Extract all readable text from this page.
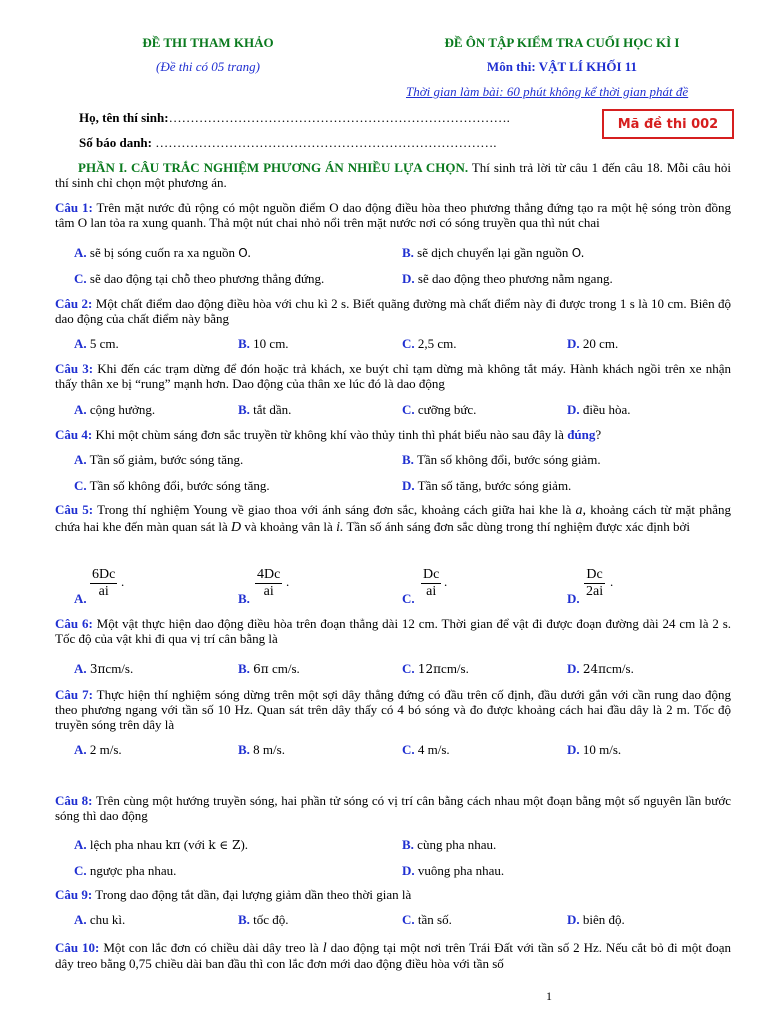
ĐỀ THI THAM KHẢO
(Đề thi có 05 trang)
ĐỀ ÔN TẬP KIỂM TRA CUỐI HỌC KÌ I
Môn thi: VẬT LÍ KHỐI 11
Thời gian làm bài: 60 phút không kể thời gian phát đề
Họ, tên thí sinh:…………………………………………………………………….
Số báo danh: …………………………………………………………………….
Mã đề thi 002
PHẦN I. CÂU TRẮC NGHIỆM PHƯƠNG ÁN NHIỀU LỰA CHỌN. Thí sinh trả lời từ câu 1 đến câu 18. Mỗi câu hỏi thí sinh chỉ chọn một phương án.
Câu 1: Trên mặt nước đủ rộng có một nguồn điểm O dao động điều hòa theo phương thẳng đứng tạo ra một hệ sóng tròn đồng tâm O lan tỏa ra xung quanh. Thả một nút chai nhỏ nổi trên mặt nước nơi có sóng truyền qua thì nút chai
A. sẽ bị sóng cuốn ra xa nguồn O.	B. sẽ dịch chuyển lại gần nguồn O.
C. sẽ dao động tại chỗ theo phương thẳng đứng.	D. sẽ dao động theo phương nằm ngang.
Câu 2: Một chất điểm dao động điều hòa với chu kì 2 s. Biết quãng đường mà chất điểm này đi được trong 1 s là 10 cm. Biên độ dao động của chất điểm này bằng
A. 5 cm.	B. 10 cm.	C. 2,5 cm.	D. 20 cm.
Câu 3: Khi đến các trạm dừng để đón hoặc trả khách, xe buýt chỉ tạm dừng mà không tắt máy. Hành khách ngồi trên xe nhận thấy thân xe bị “rung” mạnh hơn. Dao động của thân xe lúc đó là dao động
A. cộng hưởng.	B. tắt dần.	C. cưỡng bức.	D. điều hòa.
Câu 4: Khi một chùm sáng đơn sắc truyền từ không khí vào thủy tinh thì phát biểu nào sau đây là đúng?
A. Tần số giảm, bước sóng tăng.	B. Tần số không đổi, bước sóng giảm.
C. Tần số không đổi, bước sóng tăng.	D. Tần số tăng, bước sóng giảm.
Câu 5: Trong thí nghiệm Young về giao thoa với ánh sáng đơn sắc, khoảng cách giữa hai khe là a, khoảng cách từ mặt phẳng chứa hai khe đến màn quan sát là D và khoảng vân là i. Tần số ánh sáng đơn sắc dùng trong thí nghiệm được xác định bởi
A. $\frac{6Dc}{ai}$ .
B. $\frac{4Dc}{ai}$ .
C. $\frac{Dc}{ai}$ .
D. $\frac{Dc}{2ai}$ .
Câu 6: Một vật thực hiện dao động điều hòa trên đoạn thẳng dài 12 cm. Thời gian để vật đi được đoạn đường dài 24 cm là 2 s. Tốc độ của vật khi đi qua vị trí cân bằng là
A. 3πcm/s.	B. 6π cm/s.	C. 12πcm/s.	D. 24πcm/s.
Câu 7: Thực hiện thí nghiệm sóng dừng trên một sợi dây thẳng đứng có đầu trên cố định, đầu dưới gắn với cần rung dao động theo phương ngang với tần số 10 Hz. Quan sát trên dây thấy có 4 bó sóng và đo được khoảng cách hai đầu dây là 2 m. Tốc độ truyền sóng trên dây là
A. 2 m/s.	B. 8 m/s.	C. 4 m/s.	D. 10 m/s.
Câu 8: Trên cùng một hướng truyền sóng, hai phần tử sóng có vị trí cân bằng cách nhau một đoạn bằng một số nguyên lần bước sóng thì dao động
A. lệch pha nhau kπ (với k ∈ Z).	B. cùng pha nhau.
C. ngược pha nhau.	D. vuông pha nhau.
Câu 9: Trong dao động tắt dần, đại lượng giảm dần theo thời gian là
A. chu kì.	B. tốc độ.	C. tần số.	D. biên độ.
Câu 10: Một con lắc đơn có chiều dài dây treo là l dao động tại một nơi trên Trái Đất với tần số 2 Hz. Nếu cắt bỏ đi một đoạn dây treo bằng 0,75 chiều dài ban đầu thì con lắc đơn mới dao động điều hòa với tần số
1
